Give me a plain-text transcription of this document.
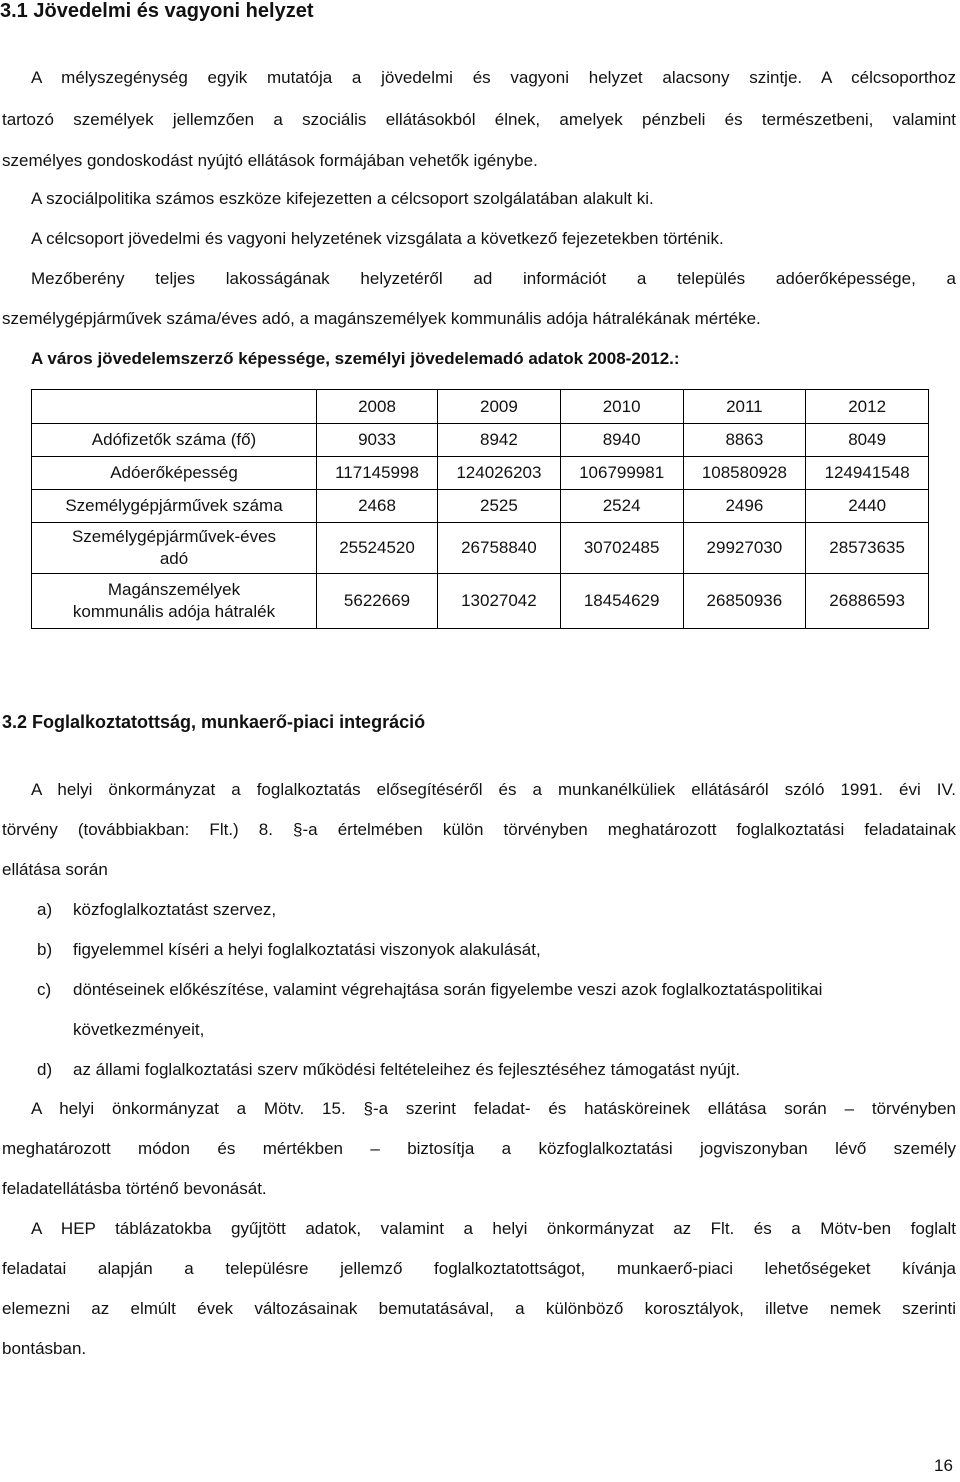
3.1 Jövedelmi és vagyoni helyzet
A mélyszegénység egyik mutatója a jövedelmi és vagyoni helyzet alacsony szintje. A célcsoporthoz
tartozó személyek jellemzően a szociális ellátásokból élnek, amelyek pénzbeli és természetbeni, valamint
személyes gondoskodást nyújtó ellátások formájában vehetők igénybe.
A szociálpolitika számos eszköze kifejezetten a célcsoport szolgálatában alakult ki.
A célcsoport jövedelmi és vagyoni helyzetének vizsgálata a következő fejezetekben történik.
Mezőberény teljes lakosságának helyzetéről ad információt a település adóerőképessége, a
személygépjárművek száma/éves adó, a magánszemélyek kommunális adója hátralékának mértéke.
A város jövedelemszerző képessége, személyi jövedelemadó adatok 2008-2012.:
	2008	2009	2010	2011	2012
Adófizetők száma (fő)	9033	8942	8940	8863	8049
Adóerőképesség	117145998	124026203	106799981	108580928	124941548
Személygépjárművek száma	2468	2525	2524	2496	2440

Személygépjárművek-éves
adó	25524520	26758840	30702485	29927030	28573635

Magánszemélyek
kommunális adója hátralék	5622669	13027042	18454629	26850936	26886593
3.2 Foglalkoztatottság, munkaerő-piaci integráció
A helyi önkormányzat a foglalkoztatás elősegítéséről és a munkanélküliek ellátásáról szóló 1991. évi IV.
törvény (továbbiakban: Flt.) 8. §-a értelmében külön törvényben meghatározott foglalkoztatási feladatainak
ellátása során
a) közfoglalkoztatást szervez,
b) figyelemmel kíséri a helyi foglalkoztatási viszonyok alakulását,
c) döntéseinek előkészítése, valamint végrehajtása során figyelembe veszi azok foglalkoztatáspolitikai
következményeit,
d) az állami foglalkoztatási szerv működési feltételeihez és fejlesztéséhez támogatást nyújt.
A helyi önkormányzat a Mötv. 15. §-a szerint feladat- és hatásköreinek ellátása során – törvényben
meghatározott módon és mértékben – biztosítja a közfoglalkoztatási jogviszonyban lévő személy
feladatellátásba történő bevonását.
A HEP táblázatokba gyűjtött adatok, valamint a helyi önkormányzat az Flt. és a Mötv-ben foglalt
feladatai alapján a településre jellemző foglalkoztatottságot, munkaerő-piaci lehetőségeket kívánja
elemezni az elmúlt évek változásainak bemutatásával, a különböző korosztályok, illetve nemek szerinti
bontásban.
16
